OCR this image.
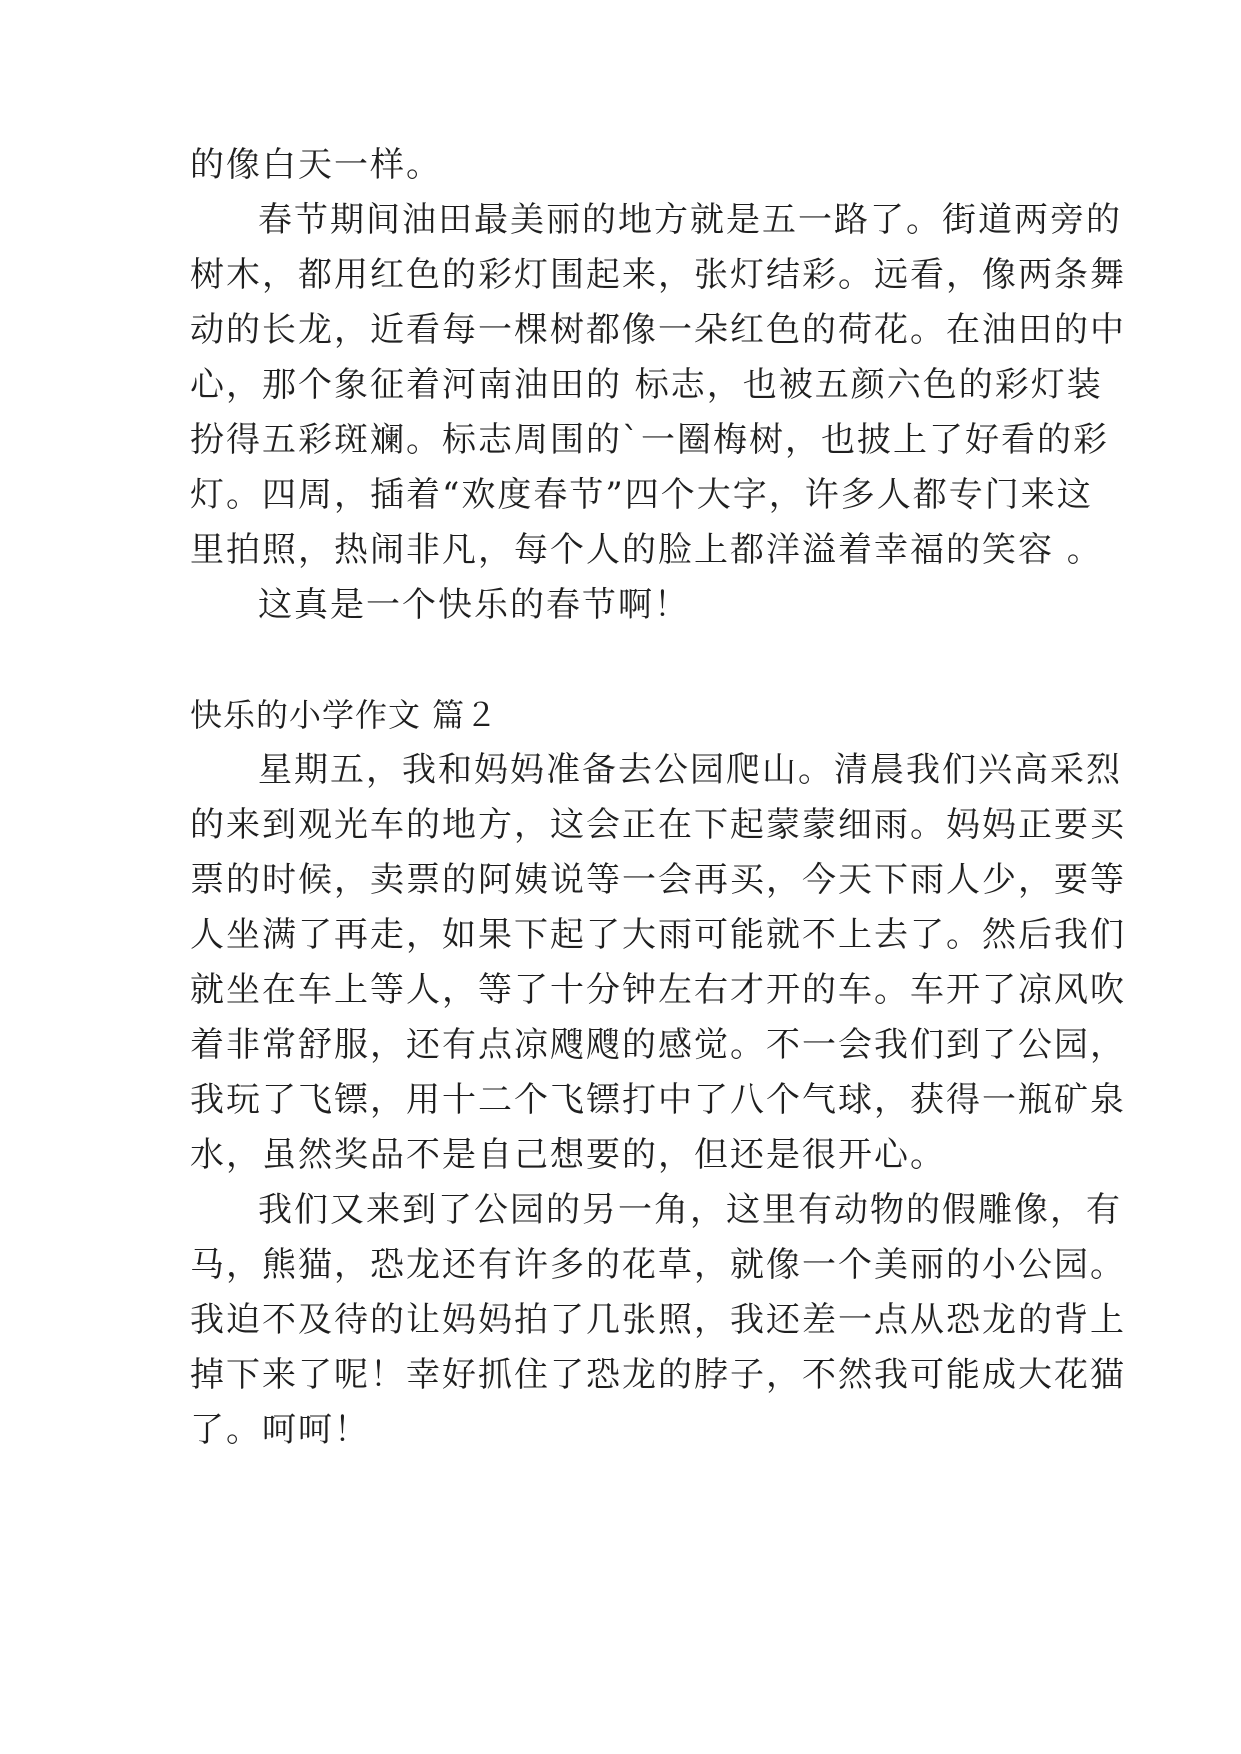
的像白天一样。
春节期间油田最美丽的地方就是五一路了。街道两旁的
树木，都用红色的彩灯围起来，张灯结彩。远看，像两条舞
动的长龙，近看每一棵树都像一朵红色的荷花。在油田的中
心，那个象征着河南油田的 标志，也被五颜六色的彩灯装
扮得五彩斑斓。标志周围的`一圈梅树，也披上了好看的彩
灯。四周，插着“欢度春节”四个大字，许多人都专门来这
里拍照，热闹非凡，每个人的脸上都洋溢着幸福的笑容 。
这真是一个快乐的春节啊！
快乐的小学作文 篇２
星期五，我和妈妈准备去公园爬山。清晨我们兴高采烈
的来到观光车的地方，这会正在下起蒙蒙细雨。妈妈正要买
票的时候，卖票的阿姨说等一会再买，今天下雨人少，要等
人坐满了再走，如果下起了大雨可能就不上去了。然后我们
就坐在车上等人，等了十分钟左右才开的车。车开了凉风吹
着非常舒服，还有点凉飕飕的感觉。不一会我们到了公园，
我玩了飞镖，用十二个飞镖打中了八个气球，获得一瓶矿泉
水，虽然奖品不是自己想要的，但还是很开心。
我们又来到了公园的另一角，这里有动物的假雕像，有
马，熊猫，恐龙还有许多的花草，就像一个美丽的小公园。
我迫不及待的让妈妈拍了几张照，我还差一点从恐龙的背上
掉下来了呢！幸好抓住了恐龙的脖子，不然我可能成大花猫
了。呵呵！
